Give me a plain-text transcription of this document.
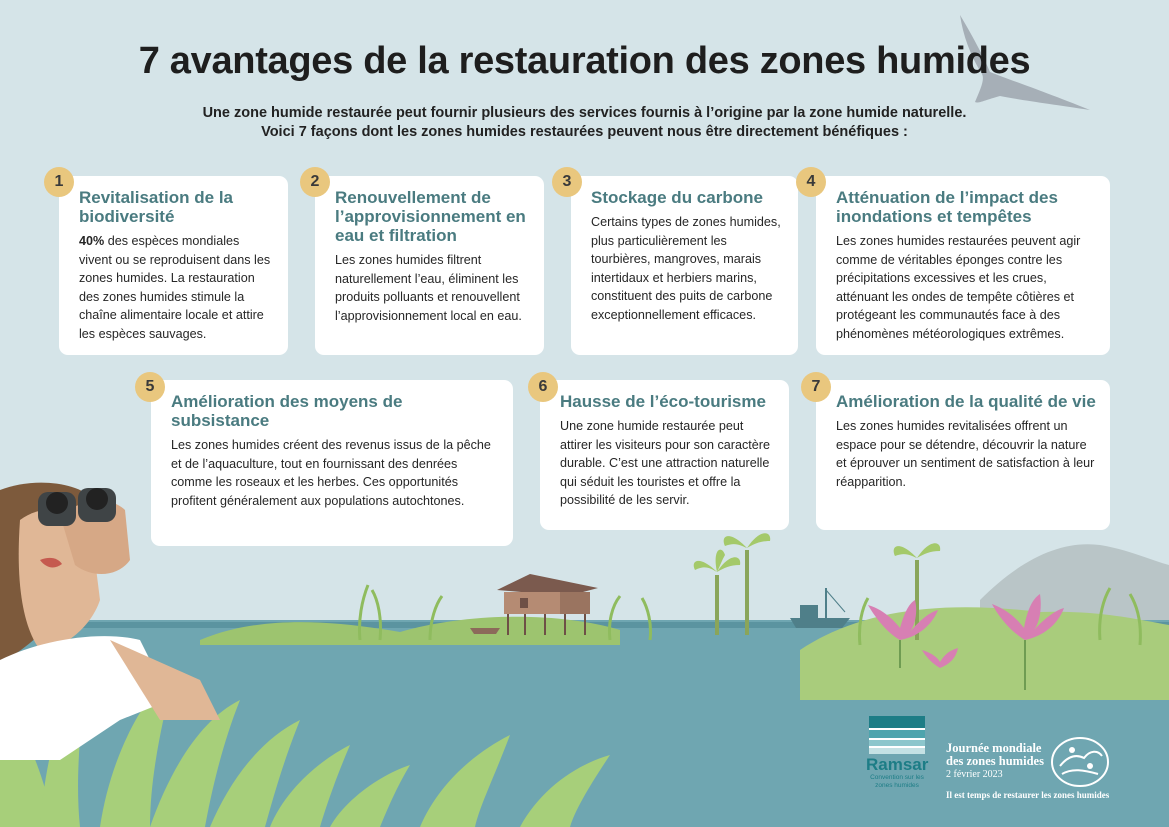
7 avantages de la restauration des zones humides
Une zone humide restaurée peut fournir plusieurs des services fournis à l’origine par la zone humide naturelle.
Voici 7 façons dont les zones humides restaurées peuvent nous être directement bénéfiques :
Revitalisation de la biodiversité

40% des espèces mondiales vivent ou se reproduisent dans les zones humides. La restauration des zones humides stimule la chaîne alimentaire locale et attire les espèces sauvages.

1
Renouvellement de l’approvisionnement en eau et filtration

Les zones humides filtrent naturellement l’eau, éliminent les produits polluants et renouvellent l’approvisionnement local en eau.

2
Stockage du carbone

Certains types de zones humides, plus particulièrement les tourbières, mangroves, marais intertidaux et herbiers marins, constituent des puits de carbone exceptionnellement efficaces.

3
Atténuation de l’impact des inondations et tempêtes

Les zones humides restaurées peuvent agir comme de véritables éponges contre les précipitations excessives et les crues, atténuant les ondes de tempête côtières et protégeant les communautés face à des phénomènes météorologiques extrêmes.

4
Amélioration des moyens de subsistance

Les zones humides créent des revenus issus de la pêche et de l’aquaculture, tout en fournissant des denrées comme les roseaux et les herbes. Ces opportunités profitent généralement aux populations autochtones.

5
Hausse de l’éco-tourisme

Une zone humide restaurée peut attirer les visiteurs pour son caractère durable. C’est une attraction naturelle qui séduit les touristes et offre la possibilité de les servir.

6
Amélioration de la qualité de vie

Les zones humides revitalisées offrent un espace pour se détendre, découvrir la nature et éprouver un sentiment de satisfaction à leur réapparition.

7
Ramsar
Convention sur les zones humides
Journée mondiale
des zones humides
2 février 2023
Il est temps de restaurer les zones humides
